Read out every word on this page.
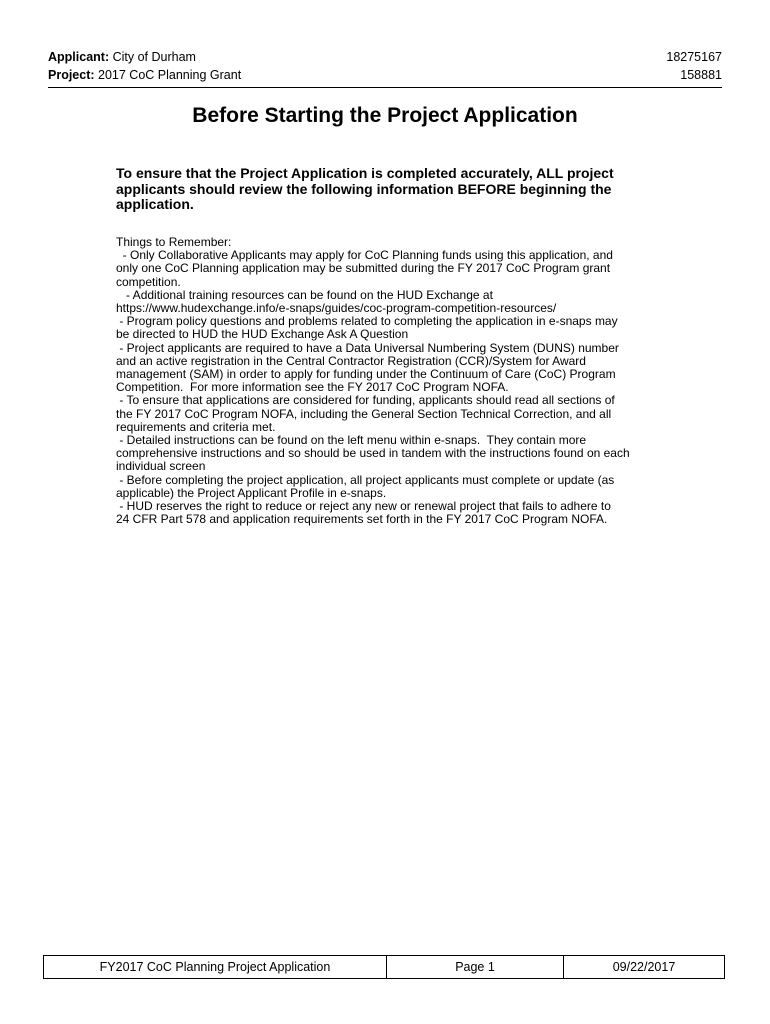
Applicant: City of Durham	18275167
Project: 2017 CoC Planning Grant	158881
Before Starting the Project Application
To ensure that the Project Application is completed accurately, ALL project applicants should review the following information BEFORE beginning the application.
Things to Remember:
- Only Collaborative Applicants may apply for CoC Planning funds using this application, and
only one CoC Planning application may be submitted during the FY 2017 CoC Program grant
competition.
- Additional training resources can be found on the HUD Exchange at
https://www.hudexchange.info/e-snaps/guides/coc-program-competition-resources/
- Program policy questions and problems related to completing the application in e-snaps may
be directed to HUD the HUD Exchange Ask A Question
- Project applicants are required to have a Data Universal Numbering System (DUNS) number
and an active registration in the Central Contractor Registration (CCR)/System for Award
management (SAM) in order to apply for funding under the Continuum of Care (CoC) Program
Competition.  For more information see the FY 2017 CoC Program NOFA.
- To ensure that applications are considered for funding, applicants should read all sections of
the FY 2017 CoC Program NOFA, including the General Section Technical Correction, and all
requirements and criteria met.
- Detailed instructions can be found on the left menu within e-snaps.  They contain more
comprehensive instructions and so should be used in tandem with the instructions found on each
individual screen
- Before completing the project application, all project applicants must complete or update (as
applicable) the Project Applicant Profile in e-snaps.
- HUD reserves the right to reduce or reject any new or renewal project that fails to adhere to
24 CFR Part 578 and application requirements set forth in the FY 2017 CoC Program NOFA.
FY2017 CoC Planning Project Application	Page 1	09/22/2017
